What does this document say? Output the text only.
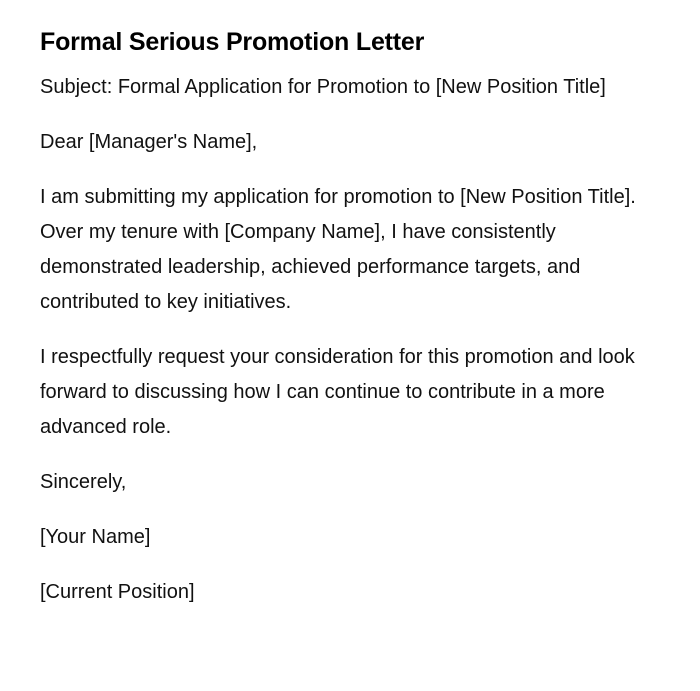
Formal Serious Promotion Letter

Subject: Formal Application for Promotion to [New Position Title]

Dear [Manager's Name],

I am submitting my application for promotion to [New Position Title]. Over my tenure with [Company Name], I have consistently demonstrated leadership, achieved performance targets, and contributed to key initiatives.

I respectfully request your consideration for this promotion and look forward to discussing how I can continue to contribute in a more advanced role.

Sincerely,

[Your Name]

[Current Position]
